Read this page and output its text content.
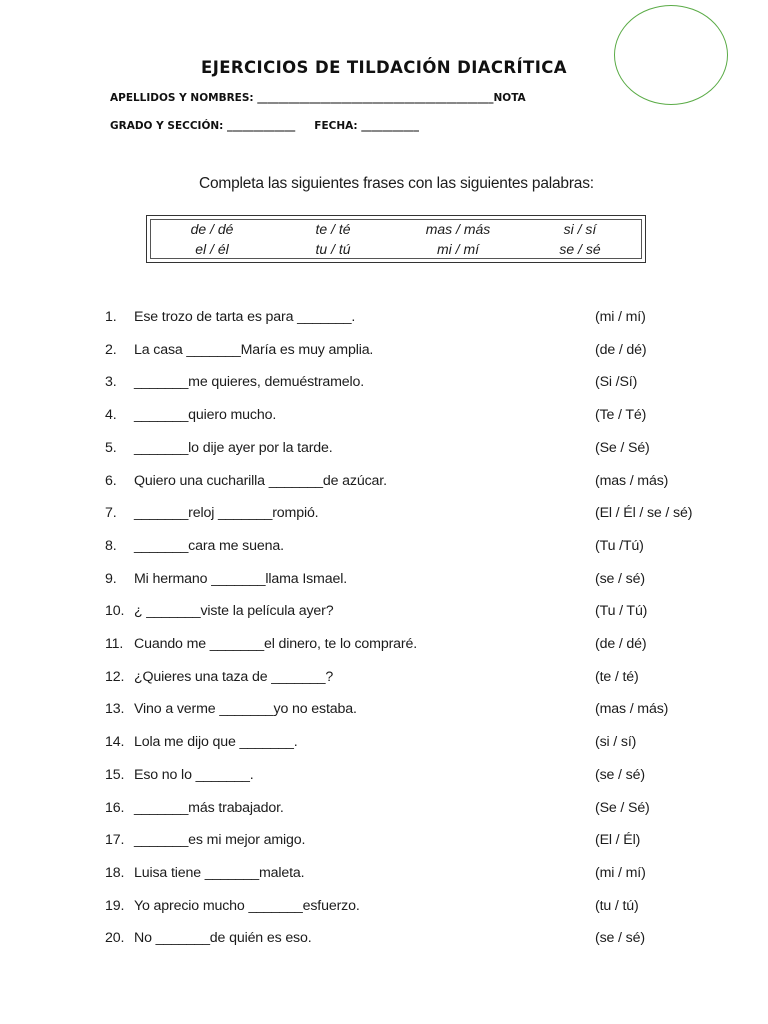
EJERCICIOS DE TILDACIÓN DIACRÍTICA
APELLIDOS Y NOMBRES: _____________________________________________NOTA
GRADO Y SECCIÓN: _____________ FECHA: ___________
Completa las siguientes frases con las siguientes palabras:
de / dé	te / té	mas / más	si / sí
el / él	tu / tú	mi / mí	se / sé
1. Ese trozo de tarta es para _______.	(mi / mí)
2. La casa _______María es muy amplia.	(de / dé)
3. _______me quieres, demuéstramelo.	(Si /Sí)
4. _______quiero mucho.	(Te / Té)
5. _______lo dije ayer por la tarde.	(Se / Sé)
6. Quiero una cucharilla _______de azúcar.	(mas / más)
7. _______reloj _______rompió.	(El / Él / se / sé)
8. _______cara me suena.	(Tu /Tú)
9. Mi hermano _______llama Ismael.	(se / sé)
10. ¿ _______viste la película ayer?	(Tu / Tú)
11. Cuando me _______el dinero, te lo compraré.	(de / dé)
12. ¿Quieres una taza de _______?	(te / té)
13. Vino a verme _______yo no estaba.	(mas / más)
14. Lola me dijo que _______.	(si / sí)
15. Eso no lo _______.	(se / sé)
16. _______más trabajador.	(Se / Sé)
17. _______es mi mejor amigo.	(El / Él)
18. Luisa tiene _______maleta.	(mi / mí)
19. Yo aprecio mucho _______esfuerzo.	(tu / tú)
20. No _______de quién es eso.	(se / sé)
